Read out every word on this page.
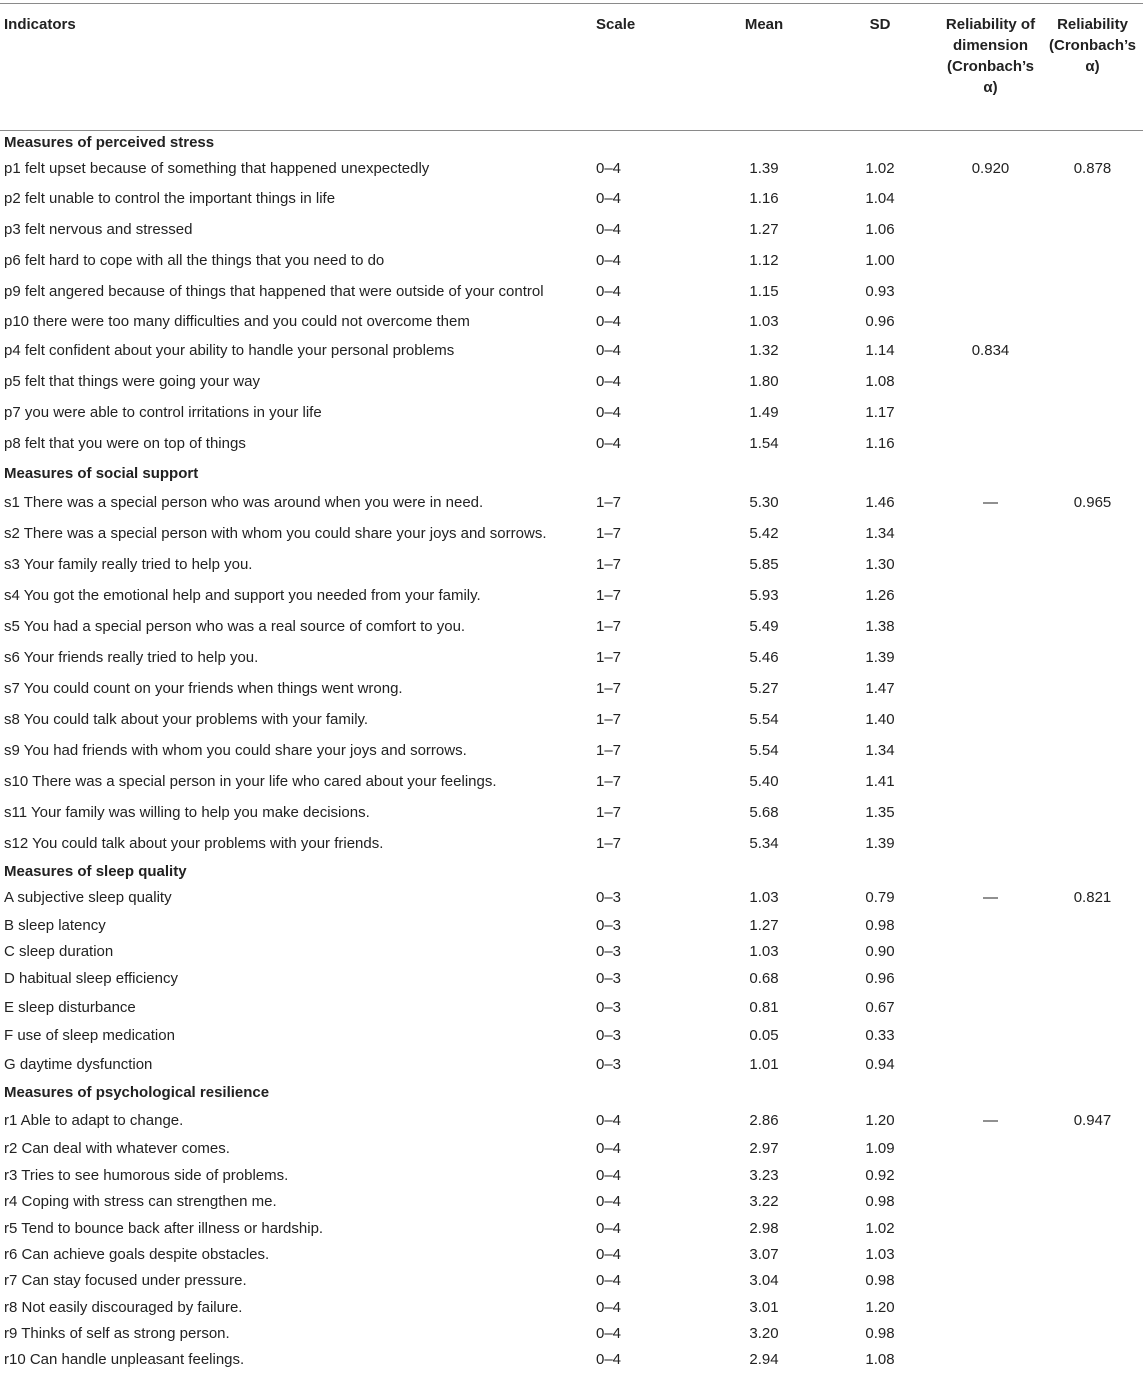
Indicators	Scale	Mean	SD	Reliability of dimension (Cronbach’s α)	Reliability (Cronbach’s α)
Measures of perceived stress					
p1 felt upset because of something that happened unexpectedly	0–4	1.39	1.02	0.920	0.878
p2 felt unable to control the important things in life	0–4	1.16	1.04		
p3 felt nervous and stressed	0–4	1.27	1.06		
p6 felt hard to cope with all the things that you need to do	0–4	1.12	1.00		
p9 felt angered because of things that happened that were outside of your control	0–4	1.15	0.93		
p10 there were too many difficulties and you could not overcome them	0–4	1.03	0.96		
p4 felt confident about your ability to handle your personal problems	0–4	1.32	1.14	0.834	
p5 felt that things were going your way	0–4	1.80	1.08		
p7 you were able to control irritations in your life	0–4	1.49	1.17		
p8 felt that you were on top of things	0–4	1.54	1.16		
Measures of social support					
s1 There was a special person who was around when you were in need.	1–7	5.30	1.46	—	0.965
s2 There was a special person with whom you could share your joys and sorrows.	1–7	5.42	1.34		
s3 Your family really tried to help you.	1–7	5.85	1.30		
s4 You got the emotional help and support you needed from your family.	1–7	5.93	1.26		
s5 You had a special person who was a real source of comfort to you.	1–7	5.49	1.38		
s6 Your friends really tried to help you.	1–7	5.46	1.39		
s7 You could count on your friends when things went wrong.	1–7	5.27	1.47		
s8 You could talk about your problems with your family.	1–7	5.54	1.40		
s9 You had friends with whom you could share your joys and sorrows.	1–7	5.54	1.34		
s10 There was a special person in your life who cared about your feelings.	1–7	5.40	1.41		
s11 Your family was willing to help you make decisions.	1–7	5.68	1.35		
s12 You could talk about your problems with your friends.	1–7	5.34	1.39		
Measures of sleep quality					
A subjective sleep quality	0–3	1.03	0.79	—	0.821
B sleep latency	0–3	1.27	0.98		
C sleep duration	0–3	1.03	0.90		
D habitual sleep efficiency	0–3	0.68	0.96		
E sleep disturbance	0–3	0.81	0.67		
F use of sleep medication	0–3	0.05	0.33		
G daytime dysfunction	0–3	1.01	0.94		
Measures of psychological resilience					
r1 Able to adapt to change.	0–4	2.86	1.20	—	0.947
r2 Can deal with whatever comes.	0–4	2.97	1.09		
r3 Tries to see humorous side of problems.	0–4	3.23	0.92		
r4 Coping with stress can strengthen me.	0–4	3.22	0.98		
r5 Tend to bounce back after illness or hardship.	0–4	2.98	1.02		
r6 Can achieve goals despite obstacles.	0–4	3.07	1.03		
r7 Can stay focused under pressure.	0–4	3.04	0.98		
r8 Not easily discouraged by failure.	0–4	3.01	1.20		
r9 Thinks of self as strong person.	0–4	3.20	0.98		
r10 Can handle unpleasant feelings.	0–4	2.94	1.08		
